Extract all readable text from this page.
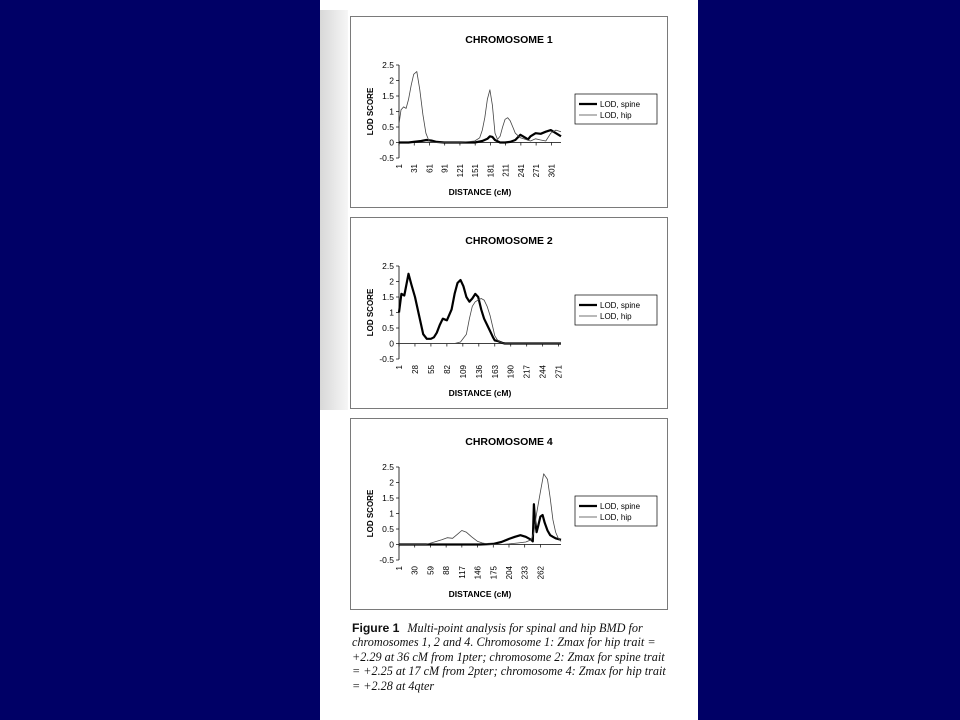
CHROMOSOME 1
-0.5
0
0.5
1
1.5
2
2.5
LOD SCORE
1 31 61 91 121 151 181 211 241 271 301
DISTANCE (cM)
LOD, spine
LOD, hip
CHROMOSOME 2
-0.5
0
0.5
1
1.5
2
2.5
LOD SCORE
1 28 55 82 109 136 163 190 217 244 271
DISTANCE (cM)
LOD, spine
LOD, hip
CHROMOSOME 4
-0.5
0
0.5
1
1.5
2
2.5
LOD SCORE
1 30 59 88 117 146 175 204 233 262
DISTANCE (cM)
LOD, spine
LOD, hip
Figure 1 Multi-point analysis for spinal and hip BMD for chromosomes 1, 2 and 4. Chromosome 1: Zmax for hip trait = +2.29 at 36 cM from 1pter; chromosome 2: Zmax for spine trait = +2.25 at 17 cM from 2pter; chromosome 4: Zmax for hip trait = +2.28 at 4qter
